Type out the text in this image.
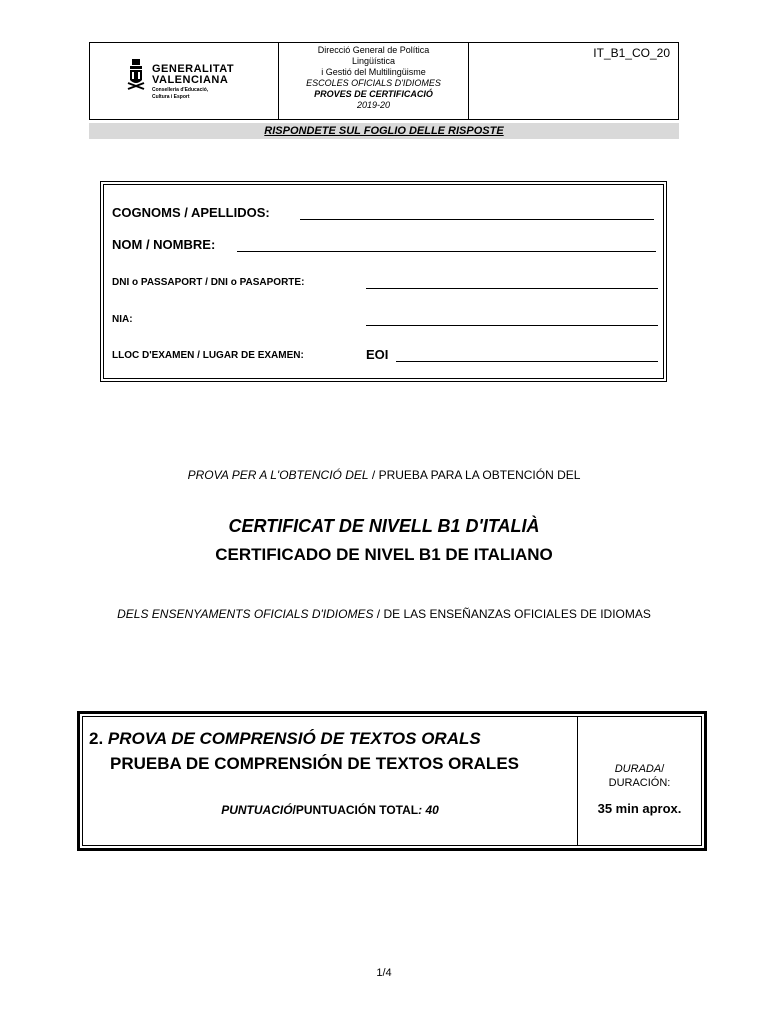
GENERALITAT
VALENCIANA
Conselleria d'Educació,
Cultura i Esport
Direcció General de Política
Lingüística
i Gestió del Multilingüisme
ESCOLES OFICIALS D'IDIOMES
PROVES DE CERTIFICACIÓ
2019-20
IT_B1_CO_20
RISPONDETE SUL FOGLIO DELLE RISPOSTE
COGNOMS / APELLIDOS:
NOM / NOMBRE:
DNI o PASSAPORT / DNI o PASAPORTE:
NIA:
LLOC D'EXAMEN / LUGAR DE EXAMEN:	EOI
PROVA PER A L'OBTENCIÓ DEL / PRUEBA PARA LA OBTENCIÓN DEL
CERTIFICAT DE NIVELL B1 D'ITALIÀ
CERTIFICADO DE NIVEL B1 DE ITALIANO
DELS ENSENYAMENTS OFICIALS D'IDIOMES / DE LAS ENSEÑANZAS OFICIALES DE IDIOMAS
2. PROVA DE COMPRENSIÓ DE TEXTOS ORALS
PRUEBA DE COMPRENSIÓN DE TEXTOS ORALES
PUNTUACIÓ/PUNTUACIÓN TOTAL: 40
DURADA/
DURACIÓN:
35 min aprox.
1/4
